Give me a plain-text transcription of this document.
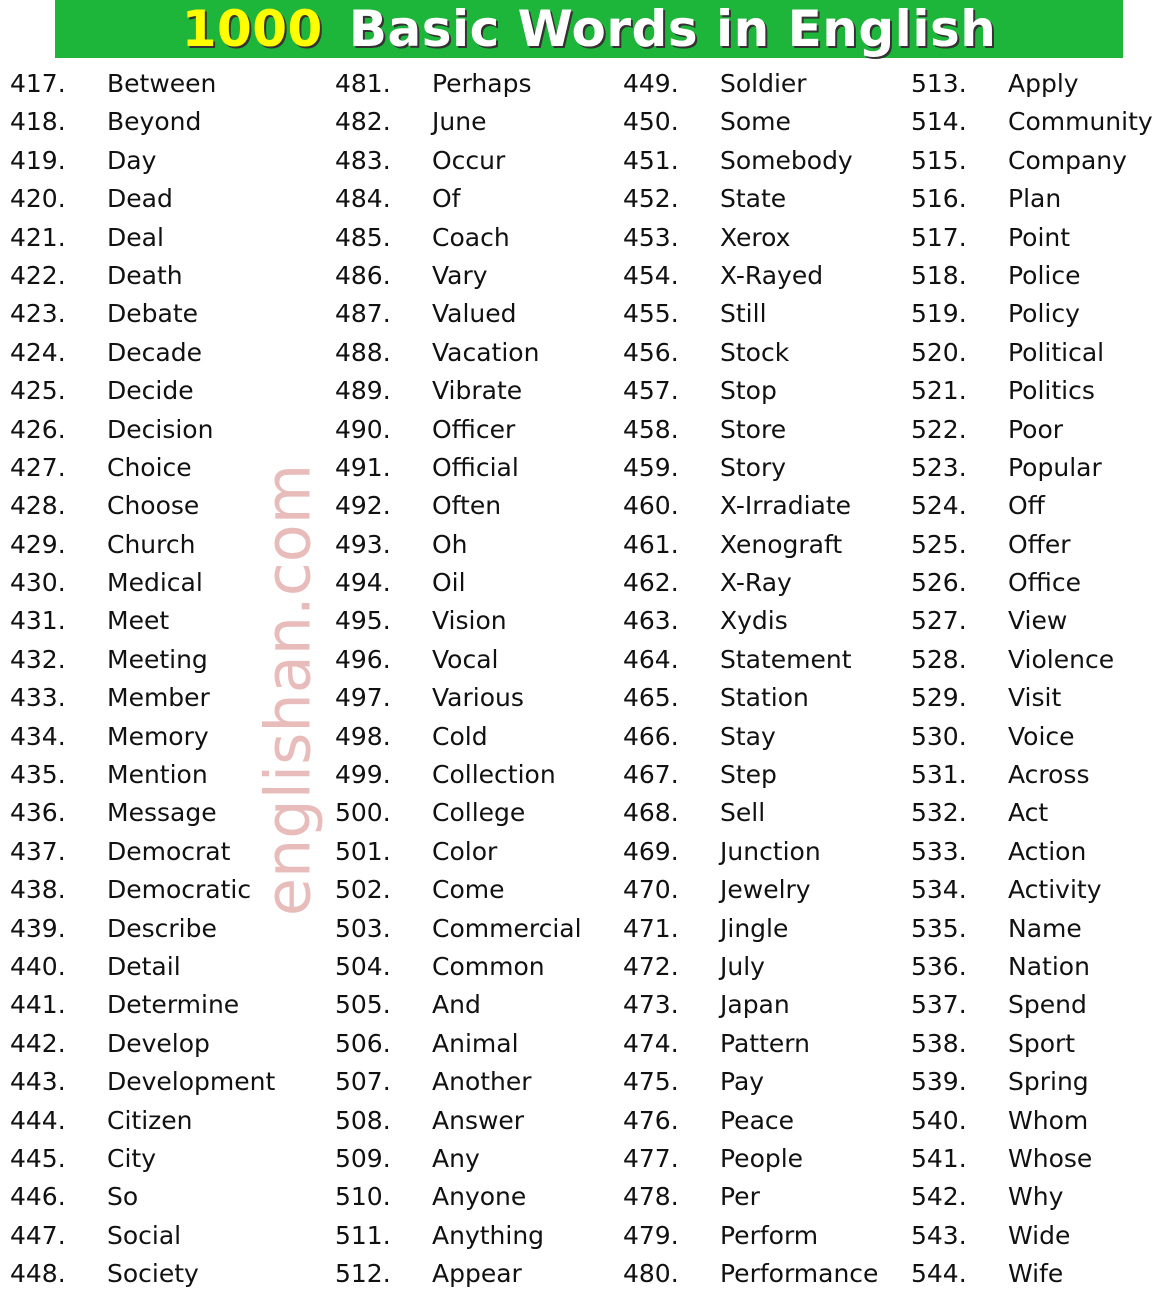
1000 Basic Words in English
englishan.com
417. Between
418. Beyond
419. Day
420. Dead
421. Deal
422. Death
423. Debate
424. Decade
425. Decide
426. Decision
427. Choice
428. Choose
429. Church
430. Medical
431. Meet
432. Meeting
433. Member
434. Memory
435. Mention
436. Message
437. Democrat
438. Democratic
439. Describe
440. Detail
441. Determine
442. Develop
443. Development
444. Citizen
445. City
446. So
447. Social
448. Society
481. Perhaps
482. June
483. Occur
484. Of
485. Coach
486. Vary
487. Valued
488. Vacation
489. Vibrate
490. Officer
491. Official
492. Often
493. Oh
494. Oil
495. Vision
496. Vocal
497. Various
498. Cold
499. Collection
500. College
501. Color
502. Come
503. Commercial
504. Common
505. And
506. Animal
507. Another
508. Answer
509. Any
510. Anyone
511. Anything
512. Appear
449. Soldier
450. Some
451. Somebody
452. State
453. Xerox
454. X-Rayed
455. Still
456. Stock
457. Stop
458. Store
459. Story
460. X-Irradiate
461. Xenograft
462. X-Ray
463. Xydis
464. Statement
465. Station
466. Stay
467. Step
468. Sell
469. Junction
470. Jewelry
471. Jingle
472. July
473. Japan
474. Pattern
475. Pay
476. Peace
477. People
478. Per
479. Perform
480. Performance
513. Apply
514. Community
515. Company
516. Plan
517. Point
518. Police
519. Policy
520. Political
521. Politics
522. Poor
523. Popular
524. Off
525. Offer
526. Office
527. View
528. Violence
529. Visit
530. Voice
531. Across
532. Act
533. Action
534. Activity
535. Name
536. Nation
537. Spend
538. Sport
539. Spring
540. Whom
541. Whose
542. Why
543. Wide
544. Wife
